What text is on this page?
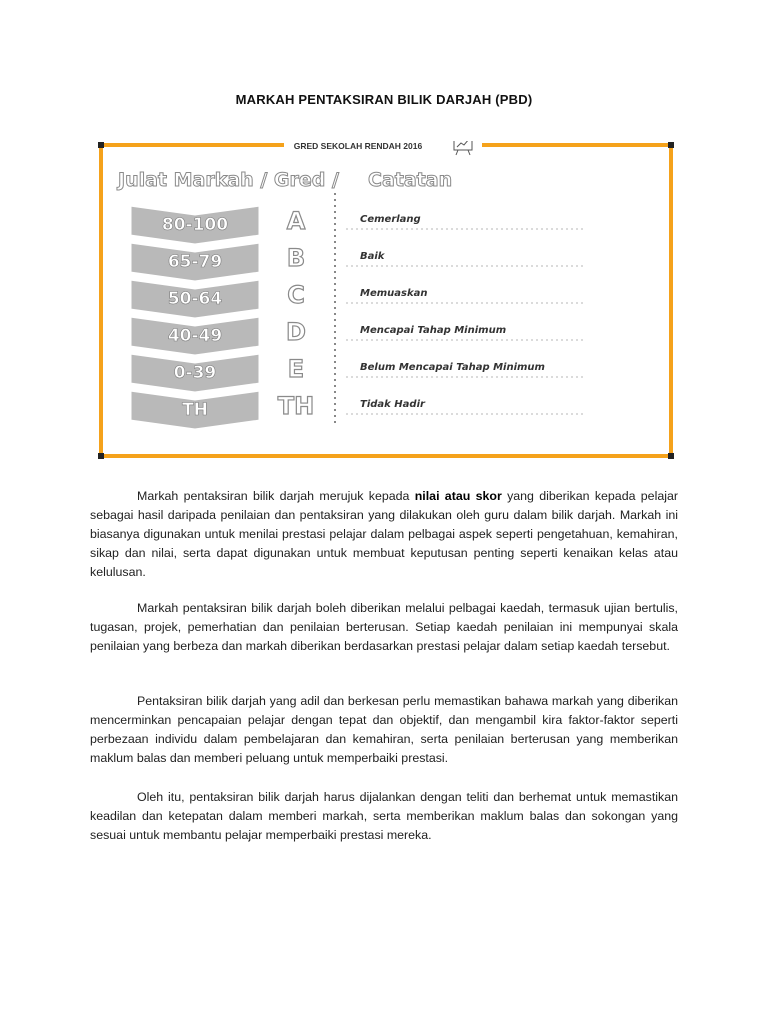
MARKAH PENTAKSIRAN BILIK DARJAH (PBD)
GRED SEKOLAH RENDAH 2016
Julat Markah / Gred / Catatan
80-100 A	Cemerlang
65-79	B	Baik
50-64	C	Memuaskan
40-49	D	Mencapai Tahap Minimum
0-39	E	Belum Mencapai Tahap Minimum
TH	TH	Tidak Hadir

Markah pentaksiran bilik darjah merujuk kepada nilai atau skor yang diberikan kepada pelajar sebagai hasil daripada penilaian dan pentaksiran yang dilakukan oleh guru dalam bilik darjah. Markah ini biasanya digunakan untuk menilai prestasi pelajar dalam pelbagai aspek seperti pengetahuan, kemahiran, sikap dan nilai, serta dapat digunakan untuk membuat keputusan penting seperti kenaikan kelas atau kelulusan.

Markah pentaksiran bilik darjah boleh diberikan melalui pelbagai kaedah, termasuk ujian bertulis, tugasan, projek, pemerhatian dan penilaian berterusan. Setiap kaedah penilaian ini mempunyai skala penilaian yang berbeza dan markah diberikan berdasarkan prestasi pelajar dalam setiap kaedah tersebut.

Pentaksiran bilik darjah yang adil dan berkesan perlu memastikan bahawa markah yang diberikan mencerminkan pencapaian pelajar dengan tepat dan objektif, dan mengambil kira faktor-faktor seperti perbezaan individu dalam pembelajaran dan kemahiran, serta penilaian berterusan yang memberikan maklum balas dan memberi peluang untuk memperbaiki prestasi.

Oleh itu, pentaksiran bilik darjah harus dijalankan dengan teliti dan berhemat untuk memastikan keadilan dan ketepatan dalam memberi markah, serta memberikan maklum balas dan sokongan yang sesuai untuk membantu pelajar memperbaiki prestasi mereka.
